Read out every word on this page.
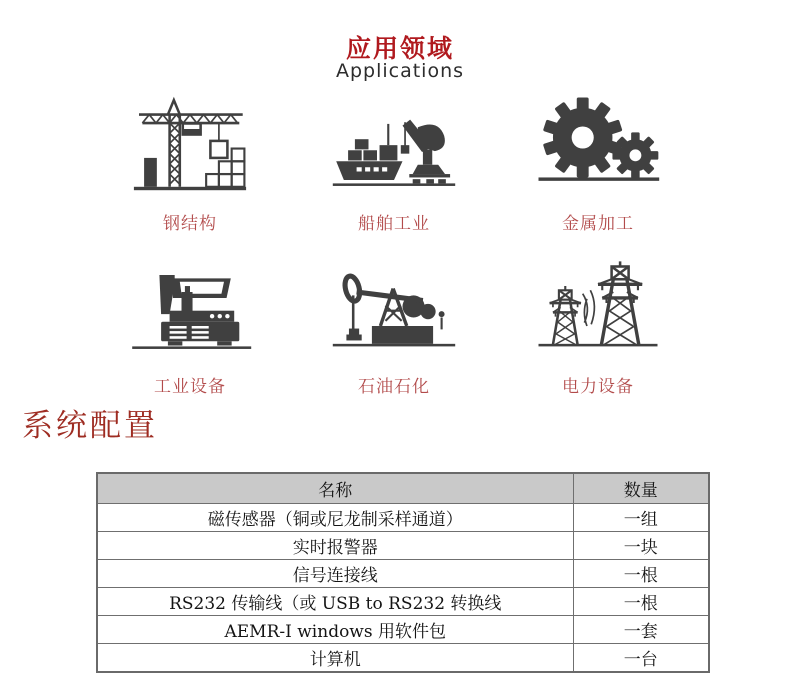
应用领域
Applications
钢结构	船舶工业	金属加工
工业设备	石油石化	电力设备
系统配置
名称	数量
磁传感器（铜或尼龙制采样通道）	一组
实时报警器	一块
信号连接线	一根
RS232 传输线（或 USB to RS232 转换线	一根
AEMR-I windows 用软件包	一套
计算机	一台
